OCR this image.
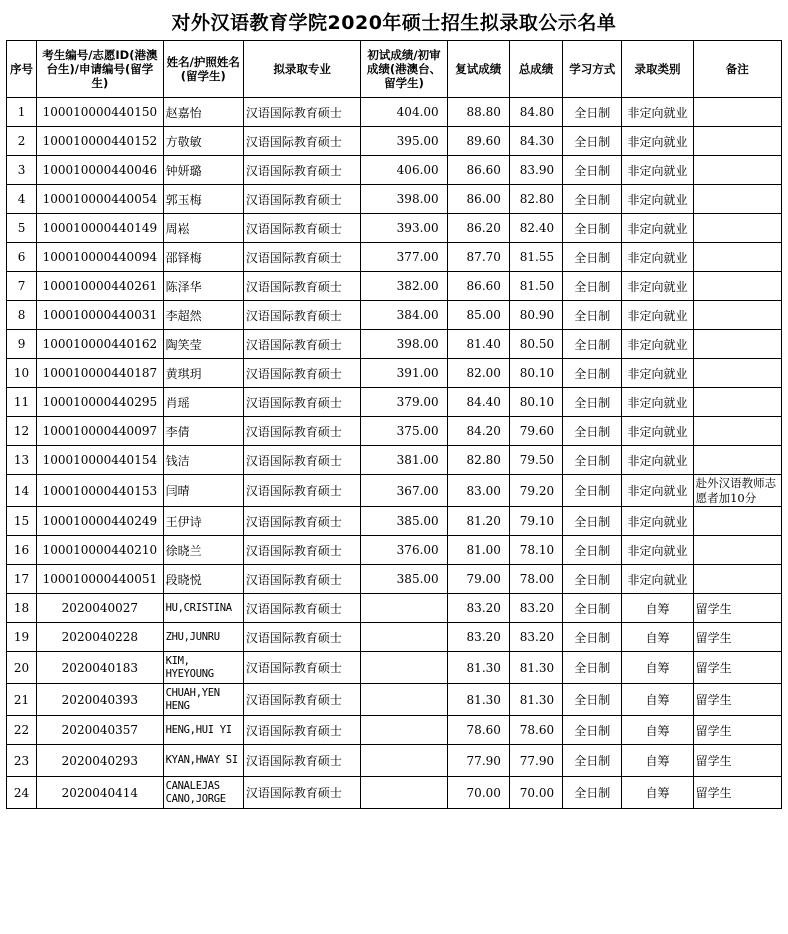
对外汉语教育学院2020年硕士招生拟录取公示名单
序号	考生编号/志愿ID(港澳台生)/申请编号(留学生)	姓名/护照姓名(留学生)	拟录取专业	初试成绩/初审成绩(港澳台、留学生)	复试成绩	总成绩	学习方式	录取类别	备注
1	100010000440150	赵嘉怡	汉语国际教育硕士	404.00	88.80	84.80	全日制	非定向就业	
2	100010000440152	方敬敏	汉语国际教育硕士	395.00	89.60	84.30	全日制	非定向就业	
3	100010000440046	钟妍璐	汉语国际教育硕士	406.00	86.60	83.90	全日制	非定向就业	
4	100010000440054	郭玉梅	汉语国际教育硕士	398.00	86.00	82.80	全日制	非定向就业	
5	100010000440149	周崧	汉语国际教育硕士	393.00	86.20	82.40	全日制	非定向就业	
6	100010000440094	邵铎梅	汉语国际教育硕士	377.00	87.70	81.55	全日制	非定向就业	
7	100010000440261	陈泽华	汉语国际教育硕士	382.00	86.60	81.50	全日制	非定向就业	
8	100010000440031	李超然	汉语国际教育硕士	384.00	85.00	80.90	全日制	非定向就业	
9	100010000440162	陶笑莹	汉语国际教育硕士	398.00	81.40	80.50	全日制	非定向就业	
10	100010000440187	黄琪玥	汉语国际教育硕士	391.00	82.00	80.10	全日制	非定向就业	
11	100010000440295	肖瑶	汉语国际教育硕士	379.00	84.40	80.10	全日制	非定向就业	
12	100010000440097	李倩	汉语国际教育硕士	375.00	84.20	79.60	全日制	非定向就业	
13	100010000440154	钱洁	汉语国际教育硕士	381.00	82.80	79.50	全日制	非定向就业	
14	100010000440153	闫晴	汉语国际教育硕士	367.00	83.00	79.20	全日制	非定向就业	赴外汉语教师志愿者加10分
15	100010000440249	王伊诗	汉语国际教育硕士	385.00	81.20	79.10	全日制	非定向就业	
16	100010000440210	徐晓兰	汉语国际教育硕士	376.00	81.00	78.10	全日制	非定向就业	
17	100010000440051	段晓悦	汉语国际教育硕士	385.00	79.00	78.00	全日制	非定向就业	
18	2020040027	HU,CRISTINA	汉语国际教育硕士		83.20	83.20	全日制	自筹	留学生
19	2020040228	ZHU,JUNRU	汉语国际教育硕士		83.20	83.20	全日制	自筹	留学生
20	2020040183	KIM, HYEYOUNG	汉语国际教育硕士		81.30	81.30	全日制	自筹	留学生
21	2020040393	CHUAH,YEN HENG	汉语国际教育硕士		81.30	81.30	全日制	自筹	留学生
22	2020040357	HENG,HUI YI	汉语国际教育硕士		78.60	78.60	全日制	自筹	留学生
23	2020040293	KYAN,HWAY SI	汉语国际教育硕士		77.90	77.90	全日制	自筹	留学生
24	2020040414	CANALEJAS CANO,JORGE	汉语国际教育硕士		70.00	70.00	全日制	自筹	留学生
